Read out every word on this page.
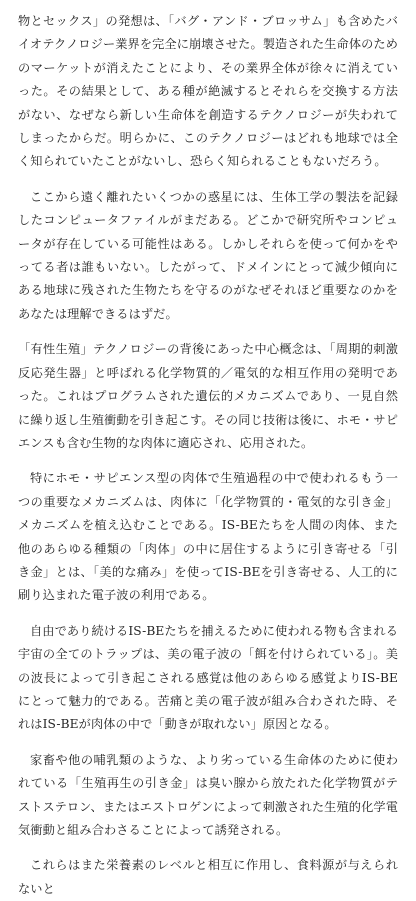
物とセックス」の発想は、「バグ・アンド・ブロッサム」も含めたバイオテクノロジー業界を完全に崩壊させた。製造された生命体のためのマーケットが消えたことにより、その業界全体が徐々に消えていった。その結果として、ある種が絶滅するとそれらを交換する方法がない、なぜなら新しい生命体を創造するテクノロジーが失われてしまったからだ。明らかに、このテクノロジーはどれも地球では全く知られていたことがないし、恐らく知られることもないだろう。

ここから遠く離れたいくつかの惑星には、生体工学の製法を記録したコンピュータファイルがまだある。どこかで研究所やコンピュータが存在している可能性はある。しかしそれらを使って何かをやってる者は誰もいない。したがって、ドメインにとって減少傾向にある地球に残された生物たちを守るのがなぜそれほど重要なのかをあなたは理解できるはずだ。

「有性生殖」テクノロジーの背後にあった中心概念は、「周期的刺激反応発生器」と呼ばれる化学物質的／電気的な相互作用の発明であった。これはプログラムされた遺伝的メカニズムであり、一見自然に繰り返し生殖衝動を引き起こす。その同じ技術は後に、ホモ・サピエンスも含む生物的な肉体に適応され、応用された。

特にホモ・サピエンス型の肉体で生殖過程の中で使われるもう一つの重要なメカニズムは、肉体に「化学物質的・電気的な引き金」メカニズムを植え込むことである。IS-BEたちを人間の肉体、また他のあらゆる種類の「肉体」の中に居住するように引き寄せる「引き金」とは、「美的な痛み」を使ってIS-BEを引き寄せる、人工的に刷り込まれた電子波の利用である。

自由であり続けるIS-BEたちを捕えるために使われる物も含まれる宇宙の全てのトラップは、美の電子波の「餌を付けられている」。美の波長によって引き起こされる感覚は他のあらゆる感覚よりIS-BEにとって魅力的である。苦痛と美の電子波が組み合わされた時、それはIS-BEが肉体の中で「動きが取れない」原因となる。

家畜や他の哺乳類のような、より劣っている生命体のために使われている「生殖再生の引き金」は臭い腺から放たれた化学物質がテストステロン、またはエストロゲンによって刺激された生殖的化学電気衝動と組み合わさることによって誘発される。

これらはまた栄養素のレベルと相互に作用し、食料源が与えられないと
